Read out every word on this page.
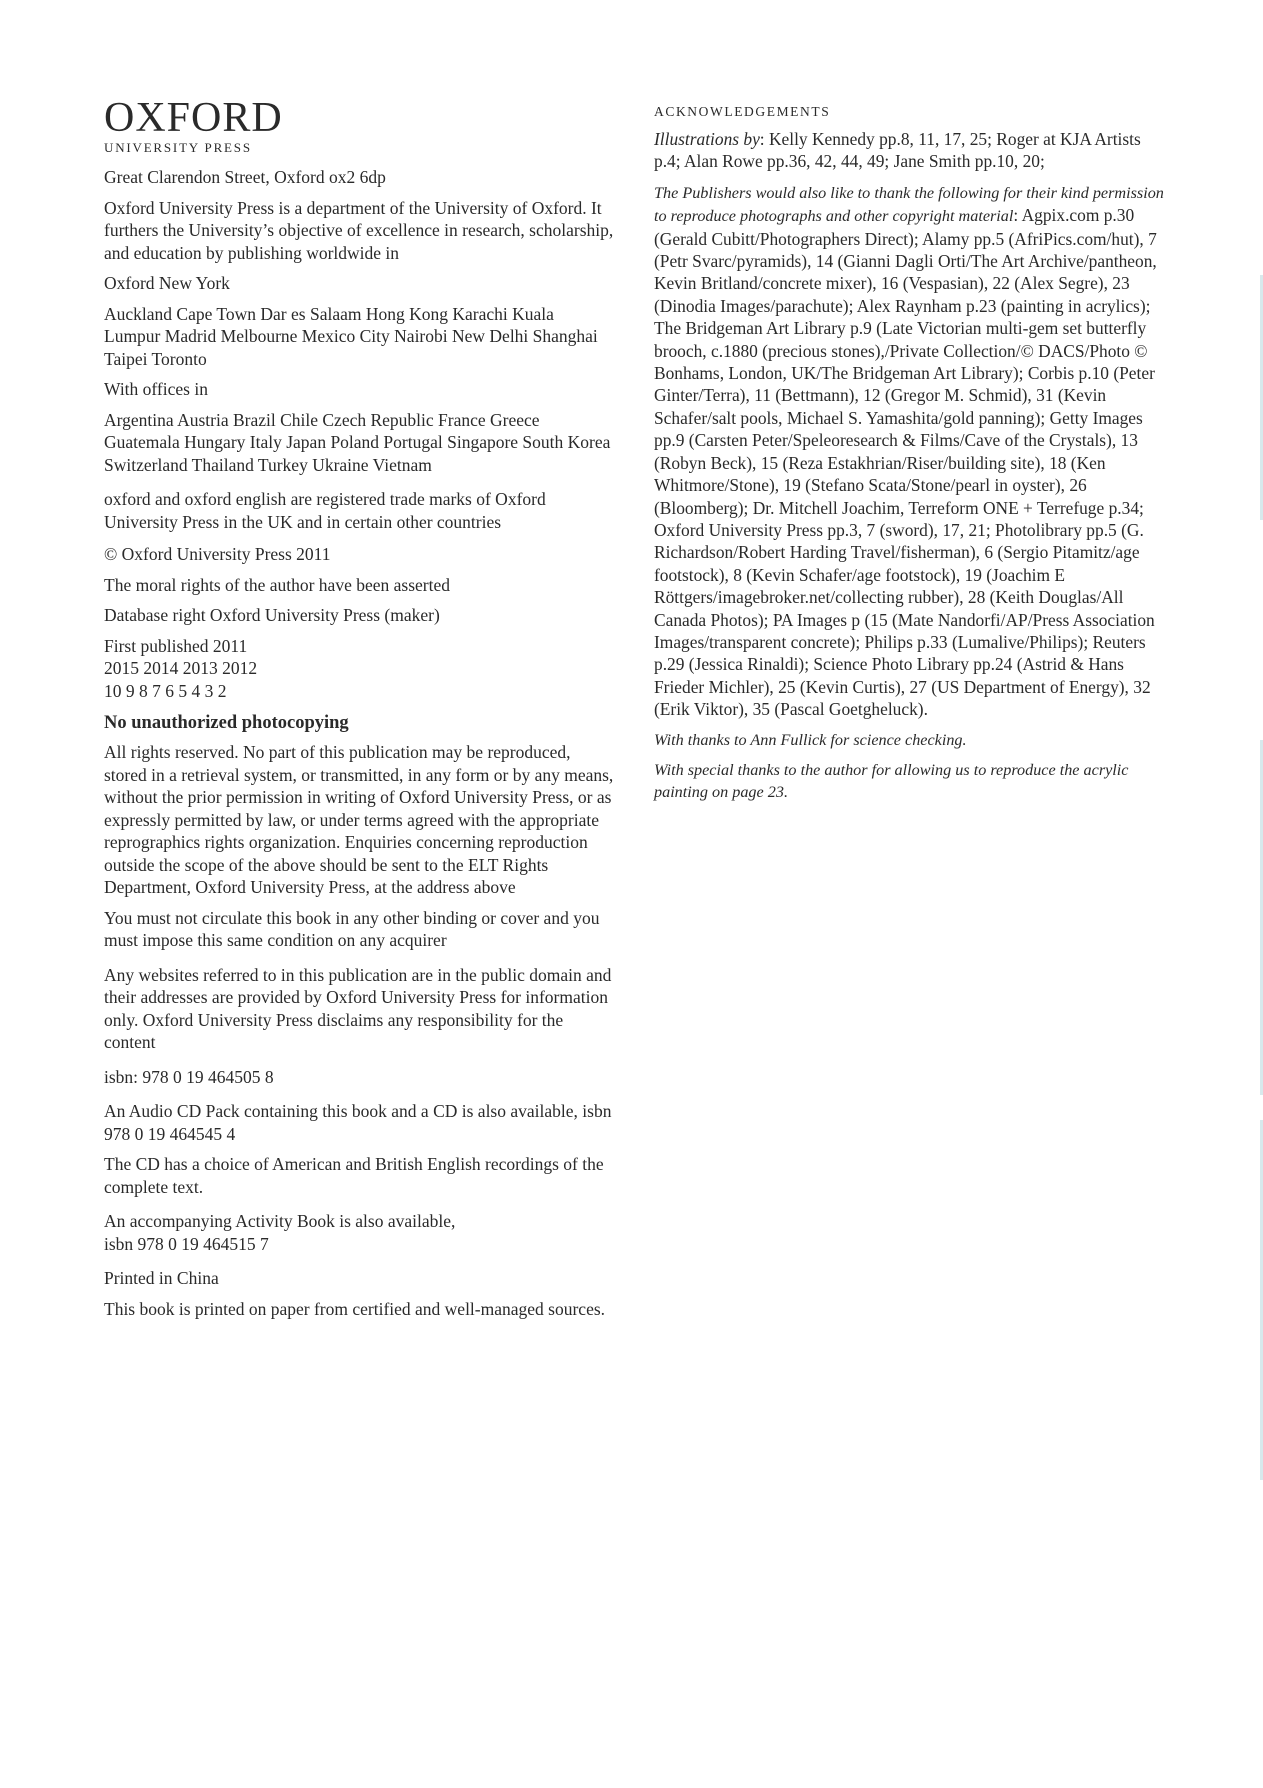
OXFORD
UNIVERSITY PRESS

Great Clarendon Street, Oxford ox2 6dp

Oxford University Press is a department of the University of Oxford. It furthers the University’s objective of excellence in research, scholarship, and education by publishing worldwide in

Oxford New York

Auckland Cape Town Dar es Salaam Hong Kong Karachi Kuala Lumpur Madrid Melbourne Mexico City Nairobi New Delhi Shanghai Taipei Toronto

With offices in

Argentina Austria Brazil Chile Czech Republic France Greece Guatemala Hungary Italy Japan Poland Portugal Singapore South Korea Switzerland Thailand Turkey Ukraine Vietnam

oxford and oxford english are registered trade marks of Oxford University Press in the UK and in certain other countries

© Oxford University Press 2011

The moral rights of the author have been asserted

Database right Oxford University Press (maker)

First published 2011

2015 2014 2013 2012

10 9 8 7 6 5 4 3 2

No unauthorized photocopying

All rights reserved. No part of this publication may be reproduced, stored in a retrieval system, or transmitted, in any form or by any means, without the prior permission in writing of Oxford University Press, or as expressly permitted by law, or under terms agreed with the appropriate reprographics rights organization. Enquiries concerning reproduction outside the scope of the above should be sent to the ELT Rights Department, Oxford University Press, at the address above

You must not circulate this book in any other binding or cover and you must impose this same condition on any acquirer

Any websites referred to in this publication are in the public domain and their addresses are provided by Oxford University Press for information only. Oxford University Press disclaims any responsibility for the content

isbn: 978 0 19 464505 8

An Audio CD Pack containing this book and a CD is also available, isbn 978 0 19 464545 4

The CD has a choice of American and British English recordings of the complete text.

An accompanying Activity Book is also available,

isbn 978 0 19 464515 7

Printed in China

This book is printed on paper from certified and well-managed sources.

ACKNOWLEDGEMENTS

Illustrations by: Kelly Kennedy pp.8, 11, 17, 25; Roger at KJA Artists p.4; Alan Rowe pp.36, 42, 44, 49; Jane Smith pp.10, 20;

The Publishers would also like to thank the following for their kind permission to reproduce photographs and other copyright material: Agpix.com p.30 (Gerald Cubitt/Photographers Direct); Alamy pp.5 (AfriPics.com/hut), 7 (Petr Svarc/pyramids), 14 (Gianni Dagli Orti/The Art Archive/pantheon, Kevin Britland/concrete mixer), 16 (Vespasian), 22 (Alex Segre), 23 (Dinodia Images/parachute); Alex Raynham p.23 (painting in acrylics); The Bridgeman Art Library p.9 (Late Victorian multi-gem set butterfly brooch, c.1880 (precious stones),/Private Collection/© DACS/Photo © Bonhams, London, UK/The Bridgeman Art Library); Corbis p.10 (Peter Ginter/Terra), 11 (Bettmann), 12 (Gregor M. Schmid), 31 (Kevin Schafer/salt pools, Michael S. Yamashita/gold panning); Getty Images pp.9 (Carsten Peter/Speleoresearch & Films/Cave of the Crystals), 13 (Robyn Beck), 15 (Reza Estakhrian/Riser/building site), 18 (Ken Whitmore/Stone), 19 (Stefano Scata/Stone/pearl in oyster), 26 (Bloomberg); Dr. Mitchell Joachim, Terreform ONE + Terrefuge p.34; Oxford University Press pp.3, 7 (sword), 17, 21; Photolibrary pp.5 (G. Richardson/Robert Harding Travel/fisherman), 6 (Sergio Pitamitz/age footstock), 8 (Kevin Schafer/age footstock), 19 (Joachim E Röttgers/imagebroker.net/collecting rubber), 28 (Keith Douglas/All Canada Photos); PA Images p (15 (Mate Nandorfi/AP/Press Association Images/transparent concrete); Philips p.33 (Lumalive/Philips); Reuters p.29 (Jessica Rinaldi); Science Photo Library pp.24 (Astrid & Hans Frieder Michler), 25 (Kevin Curtis), 27 (US Department of Energy), 32 (Erik Viktor), 35 (Pascal Goetgheluck).

With thanks to Ann Fullick for science checking.

With special thanks to the author for allowing us to reproduce the acrylic painting on page 23.
